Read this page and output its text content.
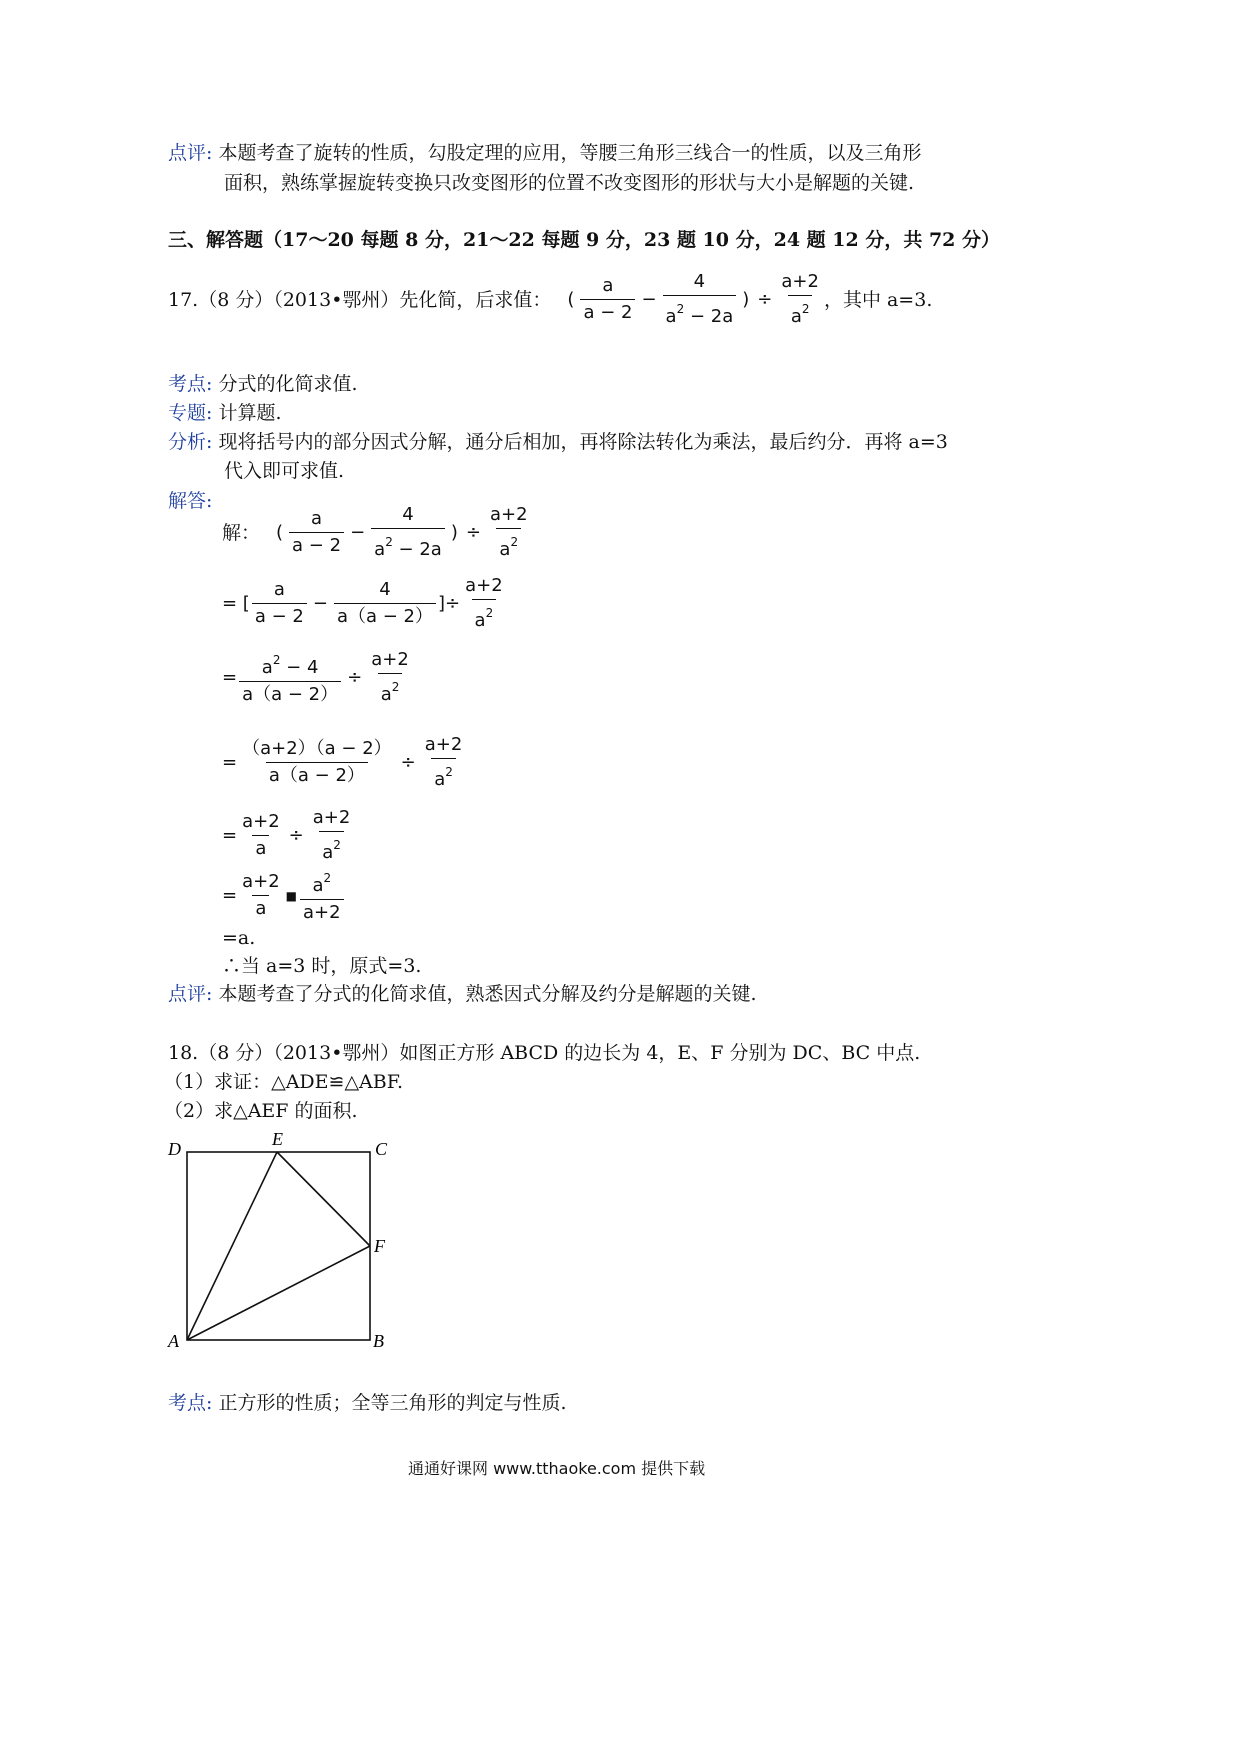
点评: 本题考查了旋转的性质，勾股定理的应用，等腰三角形三线合一的性质，以及三角形
面积，熟练掌握旋转变换只改变图形的位置不改变图形的形状与大小是解题的关键.
三、解答题（17～20 每题 8 分，21～22 每题 9 分，23 题 10 分，24 题 12 分，共 72 分）
17.（8 分）（2013•鄂州）先化简，后求值： ( $\frac{a}{a - 2} - \frac{4}{a^2 - 2a}$ ) ÷ $\frac{a+2}{a^2}$ ，其中 a=3.
考点: 分式的化简求值.
专题: 计算题.
分析: 现将括号内的部分因式分解，通分后相加，再将除法转化为乘法，最后约分．再将 a=3
代入即可求值.
解答:
解： ( $\frac{a}{a - 2} - \frac{4}{a^2 - 2a}$ ) ÷ $\frac{a+2}{a^2}$
= [ $\frac{a}{a - 2} - \frac{4}{a(a - 2)}$ ]÷ $\frac{a+2}{a^2}$
= $\frac{a^2 - 4}{a(a - 2)} \div \frac{a+2}{a^2}$
= $\frac{(a+2)(a - 2)}{a(a - 2)} \div \frac{a+2}{a^2}$
= $\frac{a+2}{a} \div \frac{a+2}{a^2}$
= $\frac{a+2}{a}$ ■ $\frac{a^2}{a+2}$
=a.
∴当 a=3 时，原式=3.
点评: 本题考查了分式的化简求值，熟悉因式分解及约分是解题的关键.
18.（8 分）（2013•鄂州）如图正方形 ABCD 的边长为 4，E、F 分别为 DC、BC 中点.
（1）求证：△ADE≌△ABF.
（2）求△AEF 的面积.
D	E	C
F
A	B
考点: 正方形的性质；全等三角形的判定与性质.
通通好课网 www.tthaoke.com 提供下载
